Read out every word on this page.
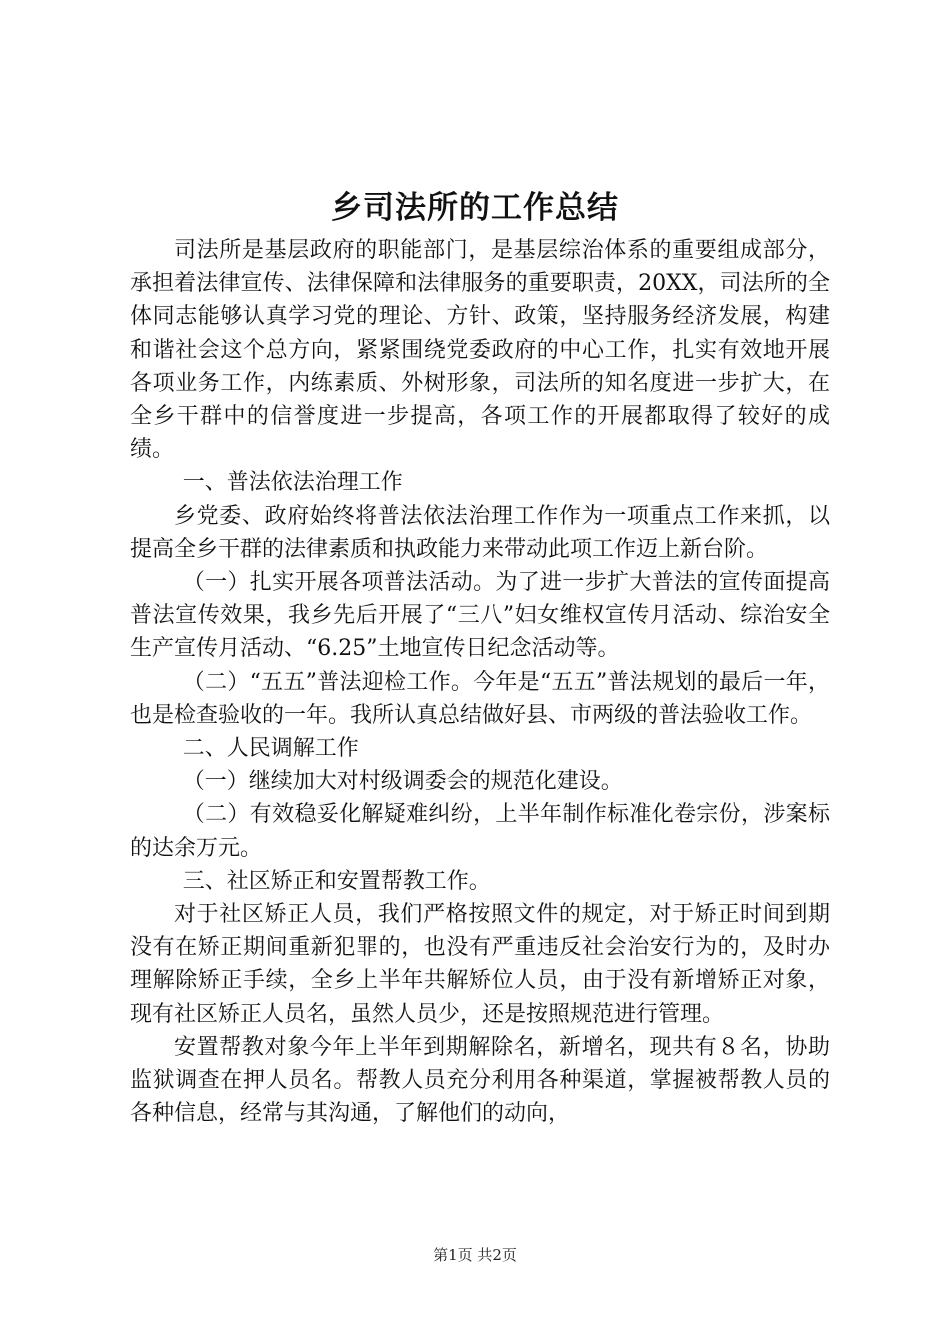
乡司法所的工作总结

司法所是基层政府的职能部门，是基层综治体系的重要组成部分，承担着法律宣传、法律保障和法律服务的重要职责，20XX，司法所的全体同志能够认真学习党的理论、方针、政策，坚持服务经济发展，构建和谐社会这个总方向，紧紧围绕党委政府的中心工作，扎实有效地开展各项业务工作，内练素质、外树形象，司法所的知名度进一步扩大，在全乡干群中的信誉度进一步提高，各项工作的开展都取得了较好的成绩。

一、普法依法治理工作

乡党委、政府始终将普法依法治理工作作为一项重点工作来抓，以提高全乡干群的法律素质和执政能力来带动此项工作迈上新台阶。

（一）扎实开展各项普法活动。为了进一步扩大普法的宣传面提高普法宣传效果，我乡先后开展了“三八”妇女维权宣传月活动、综治安全生产宣传月活动、“6.25”土地宣传日纪念活动等。

（二）“五五”普法迎检工作。今年是“五五”普法规划的最后一年，也是检查验收的一年。我所认真总结做好县、市两级的普法验收工作。

二、人民调解工作

（一）继续加大对村级调委会的规范化建设。

（二）有效稳妥化解疑难纠纷，上半年制作标准化卷宗份，涉案标的达余万元。

三、社区矫正和安置帮教工作。

对于社区矫正人员，我们严格按照文件的规定，对于矫正时间到期没有在矫正期间重新犯罪的，也没有严重违反社会治安行为的，及时办理解除矫正手续，全乡上半年共解矫位人员，由于没有新增矫正对象，现有社区矫正人员名，虽然人员少，还是按照规范进行管理。

安置帮教对象今年上半年到期解除名，新增名，现共有８名，协助监狱调查在押人员名。帮教人员充分利用各种渠道，掌握被帮教人员的各种信息，经常与其沟通，了解他们的动向，

第1页 共2页
